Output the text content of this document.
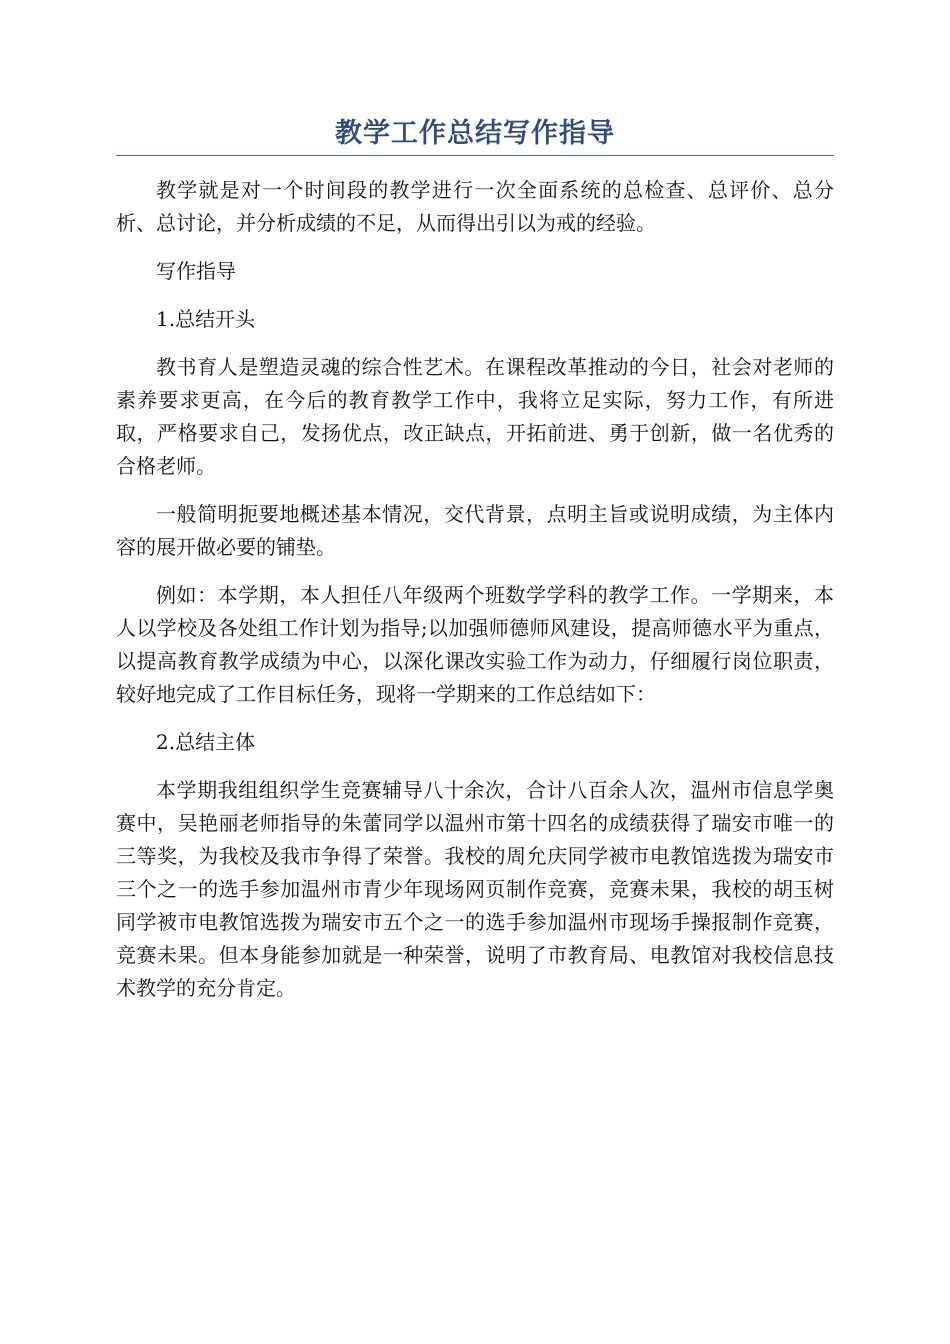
教学工作总结写作指导

教学就是对一个时间段的教学进行一次全面系统的总检查、总评价、总分析、总讨论，并分析成绩的不足，从而得出引以为戒的经验。

写作指导

1.总结开头

教书育人是塑造灵魂的综合性艺术。在课程改革推动的今日，社会对老师的素养要求更高，在今后的教育教学工作中，我将立足实际，努力工作，有所进取，严格要求自己，发扬优点，改正缺点，开拓前进、勇于创新，做一名优秀的合格老师。

一般简明扼要地概述基本情况，交代背景，点明主旨或说明成绩，为主体内容的展开做必要的铺垫。

例如：本学期，本人担任八年级两个班数学学科的教学工作。一学期来，本人以学校及各处组工作计划为指导;以加强师德师风建设，提高师德水平为重点，以提高教育教学成绩为中心，以深化课改实验工作为动力，仔细履行岗位职责，较好地完成了工作目标任务，现将一学期来的工作总结如下：

2.总结主体

本学期我组组织学生竞赛辅导八十余次，合计八百余人次，温州市信息学奥赛中，吴艳丽老师指导的朱蕾同学以温州市第十四名的成绩获得了瑞安市唯一的三等奖，为我校及我市争得了荣誉。我校的周允庆同学被市电教馆选拨为瑞安市三个之一的选手参加温州市青少年现场网页制作竞赛，竞赛未果，我校的胡玉树同学被市电教馆选拨为瑞安市五个之一的选手参加温州市现场手操报制作竞赛，竞赛未果。但本身能参加就是一种荣誉，说明了市教育局、电教馆对我校信息技术教学的充分肯定。
